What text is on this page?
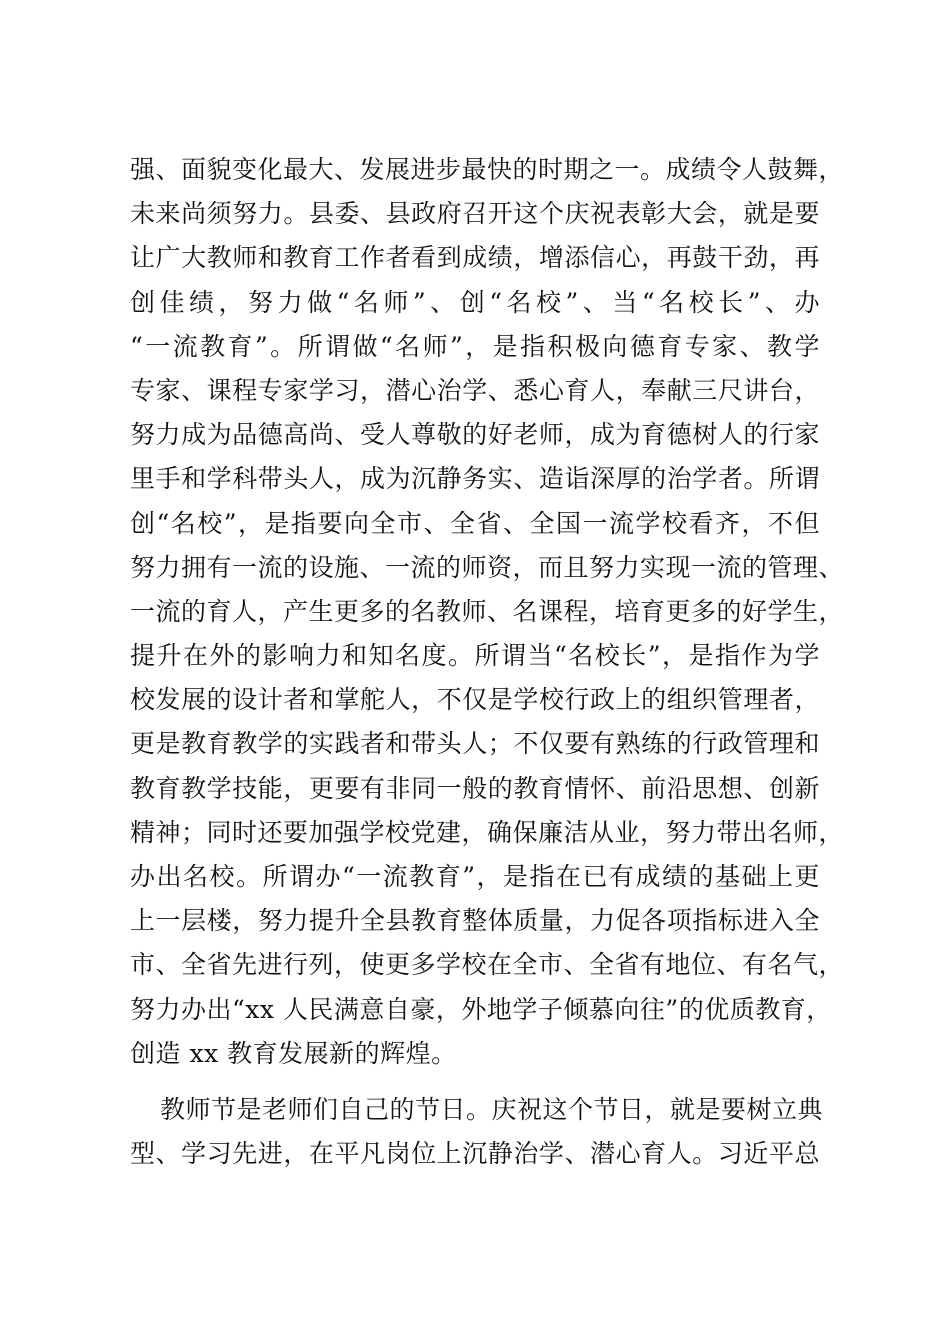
强、面貌变化最大、发展进步最快的时期之一。成绩令人鼓舞，
未来尚须努力。县委、县政府召开这个庆祝表彰大会，就是要
让广大教师和教育工作者看到成绩，增添信心，再鼓干劲，再
创佳绩，努力做“名师”、创“名校”、当“名校长”、办
“一流教育”。所谓做“名师”，是指积极向德育专家、教学
专家、课程专家学习，潜心治学、悉心育人，奉献三尺讲台，
努力成为品德高尚、受人尊敬的好老师，成为育德树人的行家
里手和学科带头人，成为沉静务实、造诣深厚的治学者。所谓
创“名校”，是指要向全市、全省、全国一流学校看齐，不但
努力拥有一流的设施、一流的师资，而且努力实现一流的管理、
一流的育人，产生更多的名教师、名课程，培育更多的好学生，
提升在外的影响力和知名度。所谓当“名校长”，是指作为学
校发展的设计者和掌舵人，不仅是学校行政上的组织管理者，
更是教育教学的实践者和带头人；不仅要有熟练的行政管理和
教育教学技能，更要有非同一般的教育情怀、前沿思想、创新
精神；同时还要加强学校党建，确保廉洁从业，努力带出名师，
办出名校。所谓办“一流教育”，是指在已有成绩的基础上更
上一层楼，努力提升全县教育整体质量，力促各项指标进入全
市、全省先进行列，使更多学校在全市、全省有地位、有名气，
努力办出“xx 人民满意自豪，外地学子倾慕向往”的优质教育，
创造 xx 教育发展新的辉煌。
教师节是老师们自己的节日。庆祝这个节日，就是要树立典
型、学习先进，在平凡岗位上沉静治学、潜心育人。习近平总
